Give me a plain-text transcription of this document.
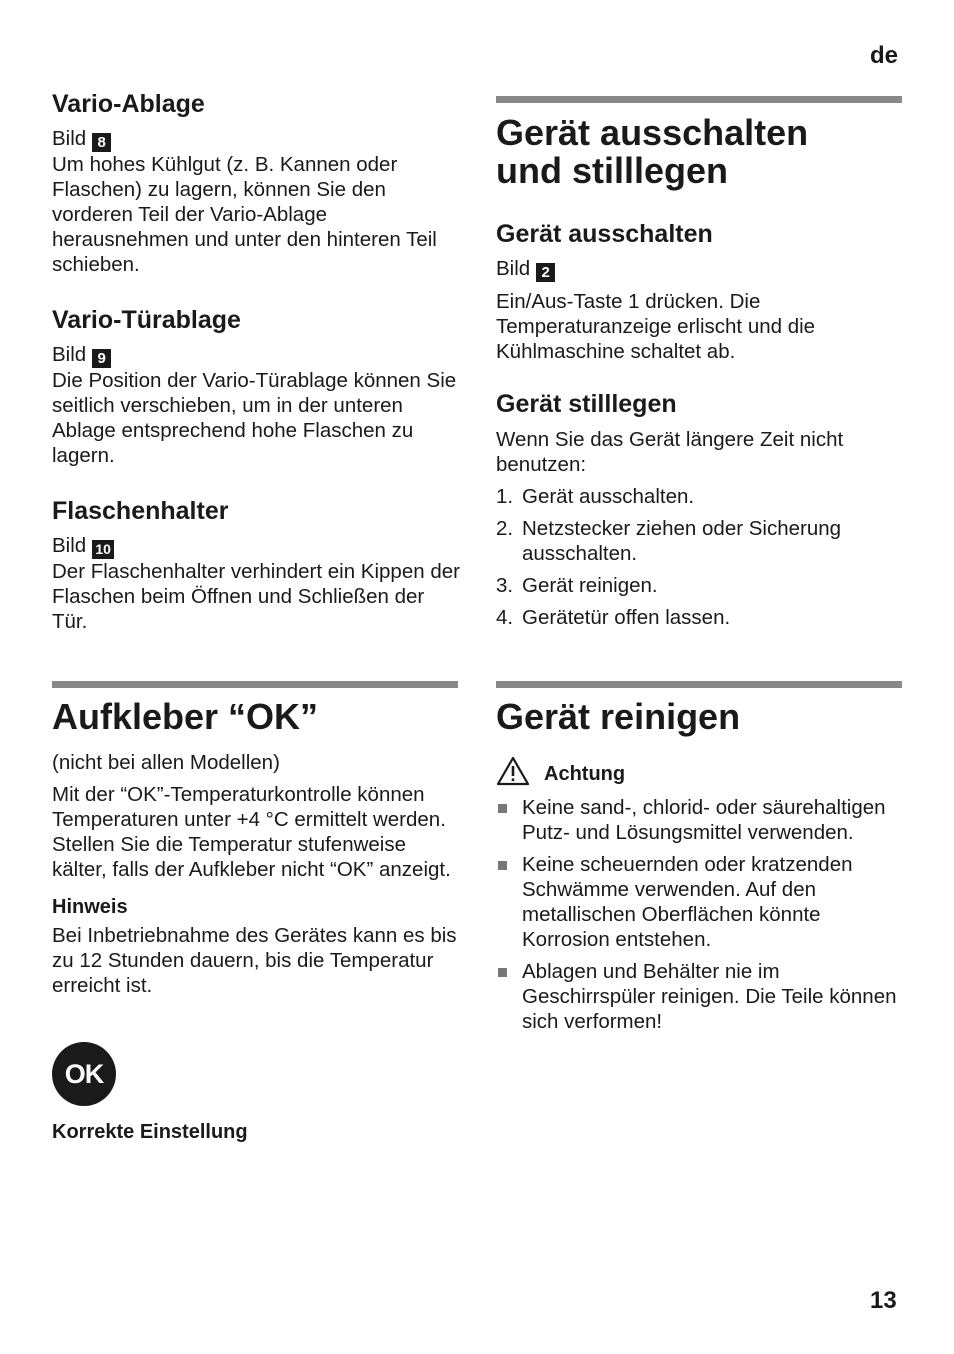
de
13
Vario-Ablage

Bild 8

Um hohes Kühlgut (z. B. Kannen oder Flaschen) zu lagern, können Sie den vorderen Teil der Vario-Ablage herausnehmen und unter den hinteren Teil schieben.

Vario-Türablage

Bild 9

Die Position der Vario-Türablage können Sie seitlich verschieben, um in der unteren Ablage entsprechend hohe Flaschen zu lagern.

Flaschenhalter

Bild 10

Der Flaschenhalter verhindert ein Kippen der Flaschen beim Öffnen und Schließen der Tür.

Aufkleber “OK”

(nicht bei allen Modellen)

Mit der “OK”-Temperaturkontrolle können Temperaturen unter +4 °C ermittelt werden. Stellen Sie die Temperatur stufenweise kälter, falls der Aufkleber nicht “OK” anzeigt.

Hinweis

Bei Inbetriebnahme des Gerätes kann es bis zu 12 Stunden dauern, bis die Temperatur erreicht ist.

OK
Korrekte Einstellung
Gerät ausschalten und stilllegen
Gerät ausschalten

Bild 2

Ein/Aus-Taste 1 drücken. Die Temperaturanzeige erlischt und die Kühlmaschine schaltet ab.

Gerät stilllegen

Wenn Sie das Gerät längere Zeit nicht benutzen:

1. Gerät ausschalten.
2. Netzstecker ziehen oder Sicherung ausschalten.
3. Gerät reinigen.
4. Gerätetür offen lassen.
Gerät reinigen
Achtung
Keine sand-, chlorid- oder säurehaltigen Putz- und Lösungsmittel verwenden.
Keine scheuernden oder kratzenden Schwämme verwenden. Auf den metallischen Oberflächen könnte Korrosion entstehen.
Ablagen und Behälter nie im Geschirrspüler reinigen. Die Teile können sich verformen!
